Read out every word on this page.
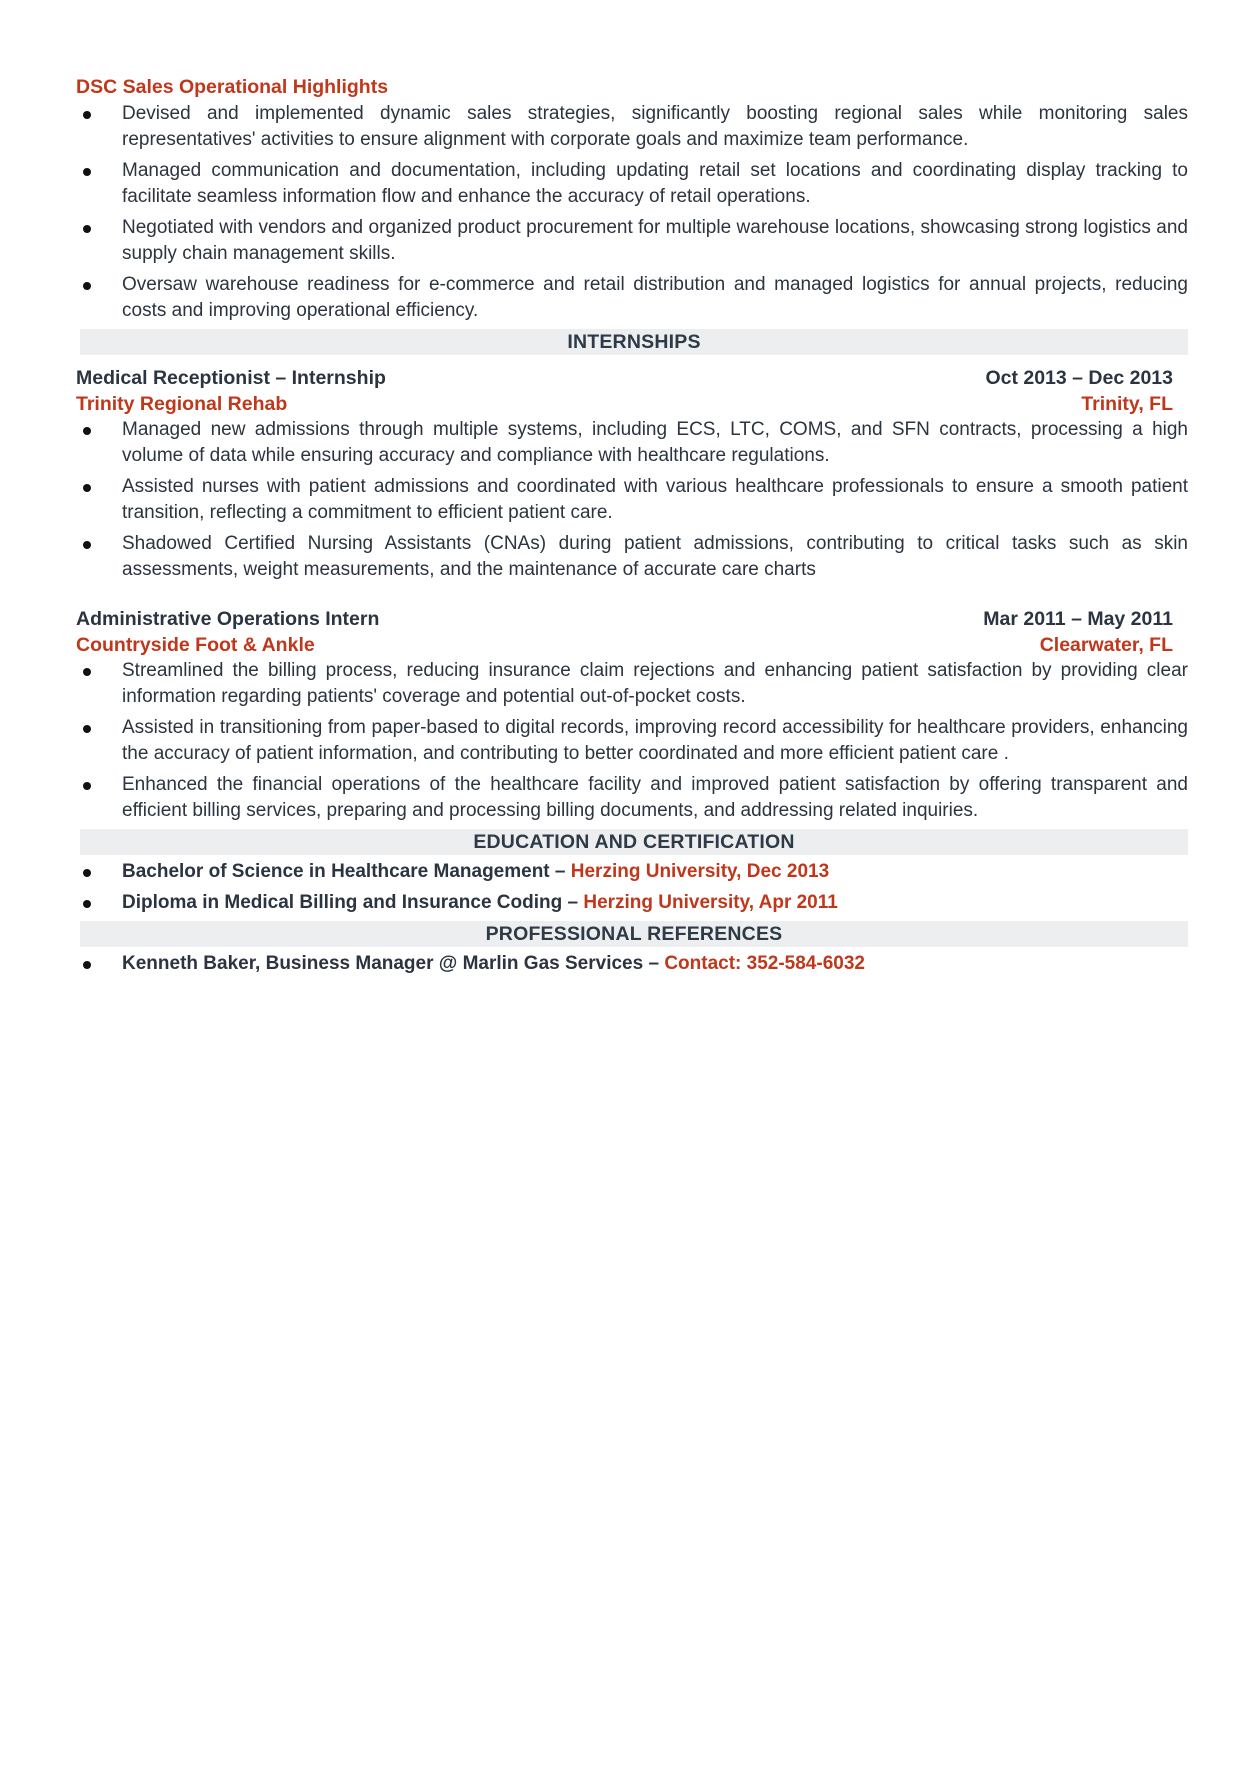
DSC Sales Operational Highlights
Devised and implemented dynamic sales strategies, significantly boosting regional sales while monitoring sales representatives' activities to ensure alignment with corporate goals and maximize team performance.
Managed communication and documentation, including updating retail set locations and coordinating display tracking to facilitate seamless information flow and enhance the accuracy of retail operations.
Negotiated with vendors and organized product procurement for multiple warehouse locations, showcasing strong logistics and supply chain management skills.
Oversaw warehouse readiness for e-commerce and retail distribution and managed logistics for annual projects, reducing costs and improving operational efficiency.
INTERNSHIPS
Medical Receptionist – Internship	Oct 2013 – Dec 2013
Trinity Regional Rehab	Trinity, FL
Managed new admissions through multiple systems, including ECS, LTC, COMS, and SFN contracts, processing a high volume of data while ensuring accuracy and compliance with healthcare regulations.
Assisted nurses with patient admissions and coordinated with various healthcare professionals to ensure a smooth patient transition, reflecting a commitment to efficient patient care.
Shadowed Certified Nursing Assistants (CNAs) during patient admissions, contributing to critical tasks such as skin assessments, weight measurements, and the maintenance of accurate care charts
Administrative Operations Intern	Mar 2011 – May 2011
Countryside Foot & Ankle	Clearwater, FL
Streamlined the billing process, reducing insurance claim rejections and enhancing patient satisfaction by providing clear information regarding patients' coverage and potential out-of-pocket costs.
Assisted in transitioning from paper-based to digital records, improving record accessibility for healthcare providers, enhancing the accuracy of patient information, and contributing to better coordinated and more efficient patient care .
Enhanced the financial operations of the healthcare facility and improved patient satisfaction by offering transparent and efficient billing services, preparing and processing billing documents, and addressing related inquiries.
EDUCATION AND CERTIFICATION
Bachelor of Science in Healthcare Management – Herzing University, Dec 2013
Diploma in Medical Billing and Insurance Coding – Herzing University, Apr 2011
PROFESSIONAL REFERENCES
Kenneth Baker, Business Manager @ Marlin Gas Services – Contact: 352-584-6032
